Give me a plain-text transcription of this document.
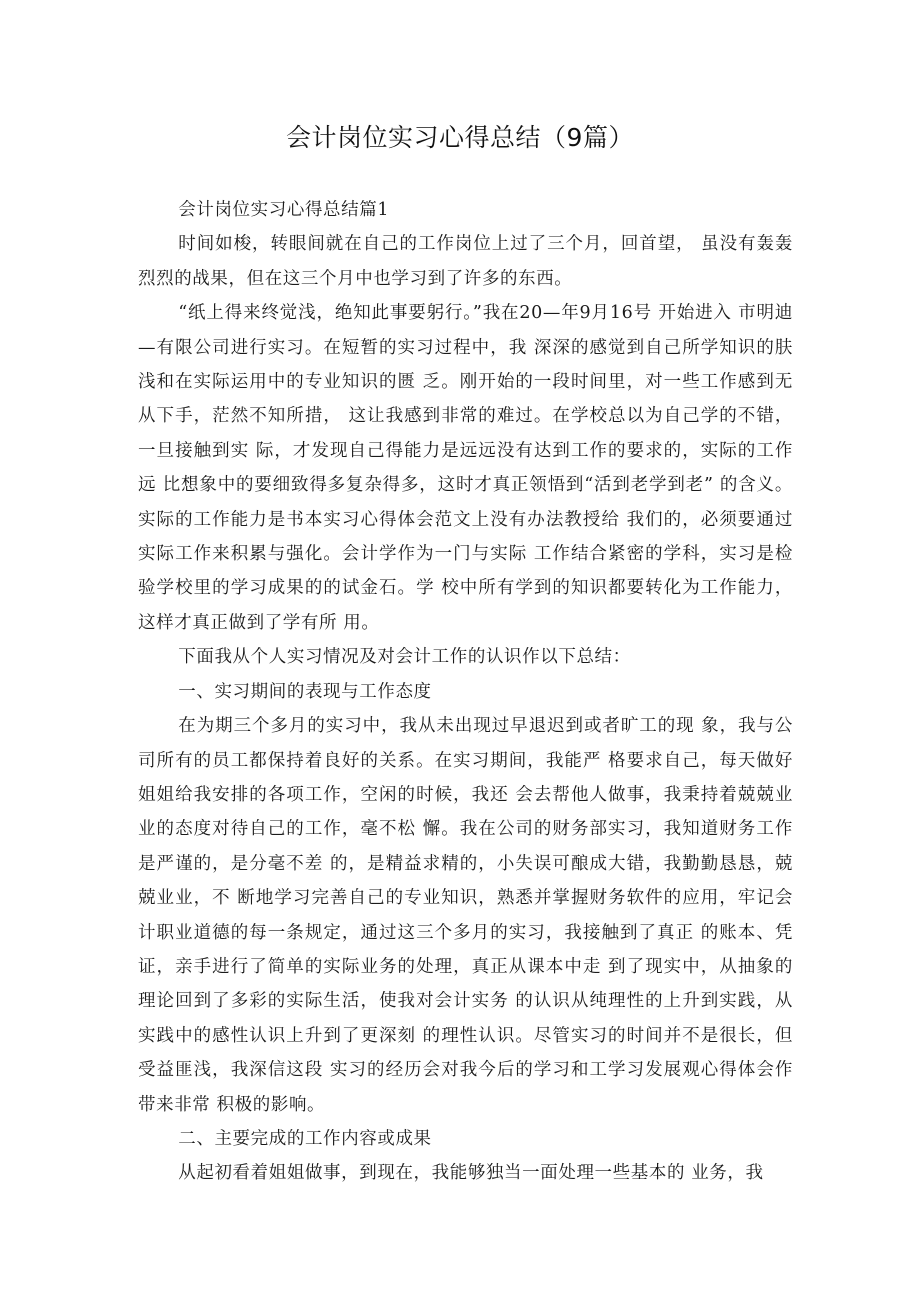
会计岗位实习心得总结（9篇）

会计岗位实习心得总结篇1

时间如梭，转眼间就在自己的工作岗位上过了三个月，回首望， 虽没有轰轰烈烈的战果，但在这三个月中也学习到了许多的东西。

“纸上得来终觉浅，绝知此事要躬行。”我在20—年9月16号 开始进入 市明迪—有限公司进行实习。在短暂的实习过程中，我 深深的感觉到自己所学知识的肤浅和在实际运用中的专业知识的匮 乏。刚开始的一段时间里，对一些工作感到无从下手，茫然不知所措， 这让我感到非常的难过。在学校总以为自己学的不错，一旦接触到实 际，才发现自己得能力是远远没有达到工作的要求的，实际的工作远 比想象中的要细致得多复杂得多，这时才真正领悟到“活到老学到老” 的含义。实际的工作能力是书本实习心得体会范文上没有办法教授给 我们的，必须要通过实际工作来积累与强化。会计学作为一门与实际 工作结合紧密的学科，实习是检验学校里的学习成果的的试金石。学 校中所有学到的知识都要转化为工作能力，这样才真正做到了学有所 用。

下面我从个人实习情况及对会计工作的认识作以下总结：

一、实习期间的表现与工作态度

在为期三个多月的实习中，我从未出现过早退迟到或者旷工的现 象，我与公司所有的员工都保持着良好的关系。在实习期间，我能严 格要求自己，每天做好姐姐给我安排的各项工作，空闲的时候，我还 会去帮他人做事，我秉持着兢兢业业的态度对待自己的工作，毫不松 懈。我在公司的财务部实习，我知道财务工作是严谨的，是分毫不差 的，是精益求精的，小失误可酿成大错，我勤勤恳恳，兢兢业业，不 断地学习完善自己的专业知识，熟悉并掌握财务软件的应用，牢记会计职业道德的每一条规定，通过这三个多月的实习，我接触到了真正 的账本、凭证，亲手进行了简单的实际业务的处理，真正从课本中走 到了现实中，从抽象的理论回到了多彩的实际生活，使我对会计实务 的认识从纯理性的上升到实践，从实践中的感性认识上升到了更深刻 的理性认识。尽管实习的时间并不是很长，但受益匪浅，我深信这段 实习的经历会对我今后的学习和工学习发展观心得体会作带来非常 积极的影响。

二、主要完成的工作内容或成果

从起初看着姐姐做事，到现在，我能够独当一面处理一些基本的 业务，我
